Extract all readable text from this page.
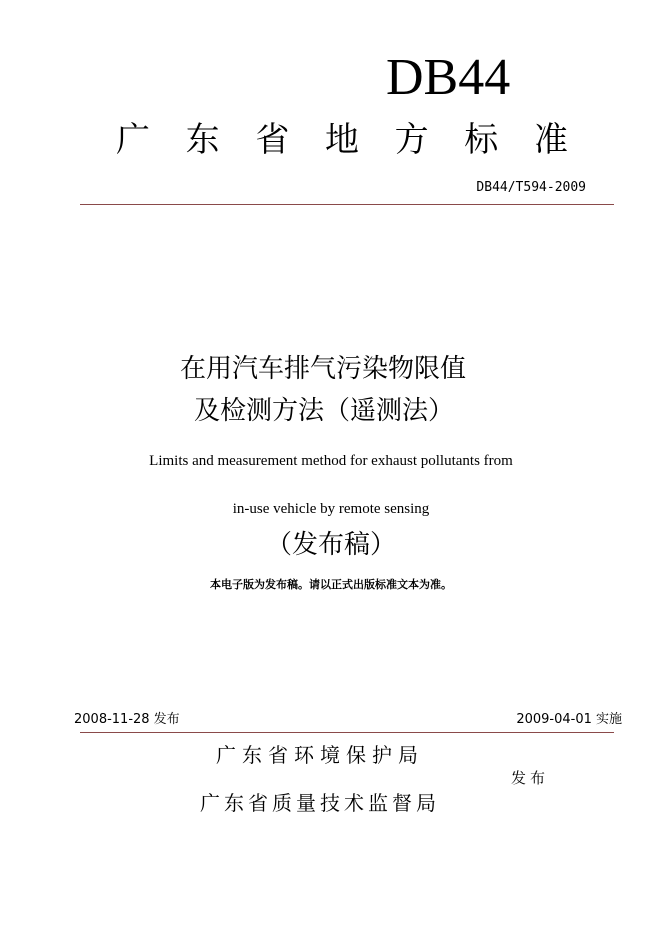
DB44
广 东 省 地 方 标 准
DB44/T594-2009
在用汽车排气污染物限值
及检测方法（遥测法）
Limits and measurement method for exhaust pollutants from
in-use vehicle by remote sensing
（发布稿）
本电子版为发布稿。请以正式出版标准文本为准。
2008-11-28 发布	2009-04-01 实施
广东省环境保护局
广东省质量技术监督局
发布
